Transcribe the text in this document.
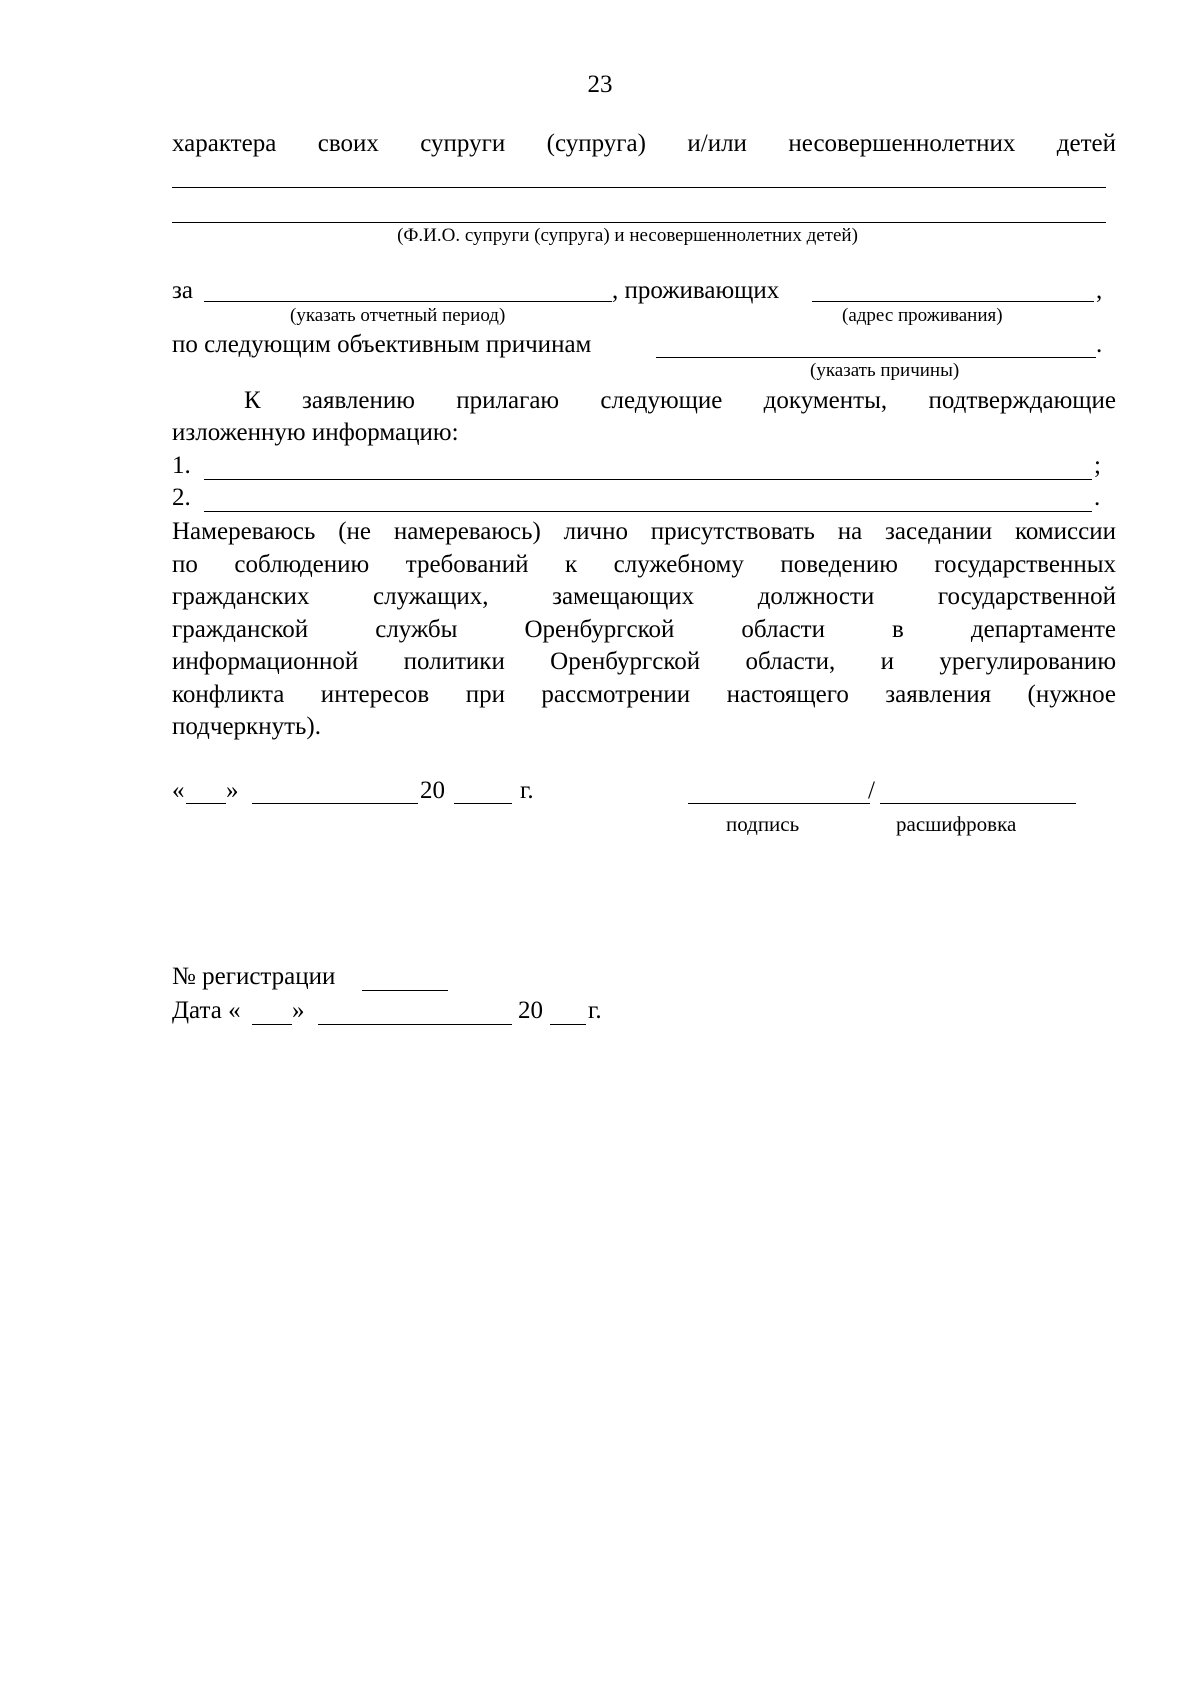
23
характера своих супруги (супруга) и/или несовершеннолетних детей
(Ф.И.О. супруги (супруга) и несовершеннолетних детей)
за	, проживающих	,
(указать отчетный период)	(адрес проживания)
по следующим объективным причинам	.
(указать причины)
К заявлению прилагаю следующие документы, подтверждающие
изложенную информацию:
1.	;
2.	.
Намереваюсь (не намереваюсь) лично присутствовать на заседании комиссии
по соблюдению требований к служебному поведению государственных
гражданских служащих, замещающих должности государственной
гражданской службы Оренбургской области в департаменте
информационной политики Оренбургской области, и урегулированию
конфликта интересов при рассмотрении настоящего заявления (нужное
подчеркнуть).
« »	20	г.	/
подпись	расшифровка
№ регистрации
Дата « »	20 г.
